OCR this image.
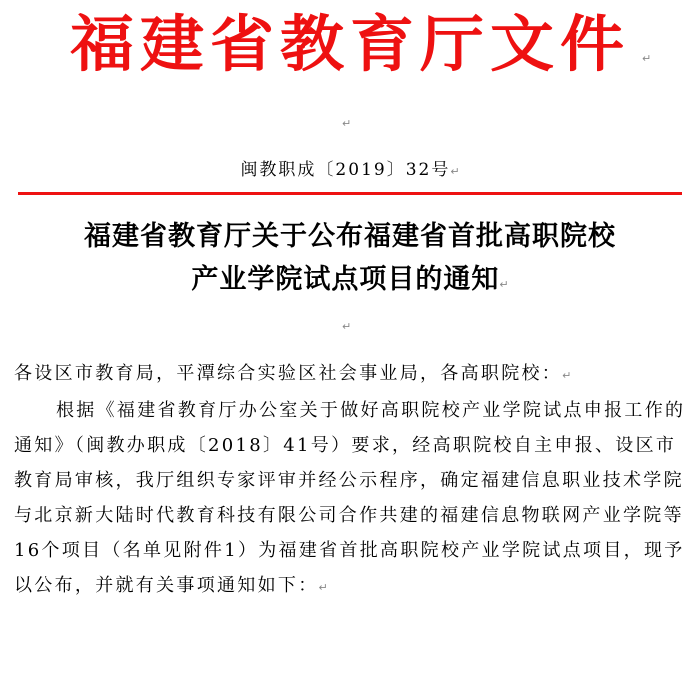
福建省教育厅文件 ↵
↵
闽教职成〔2019〕32号↵
福建省教育厅关于公布福建省首批高职院校
产业学院试点项目的通知↵
↵

各设区市教育局，平潭综合实验区社会事业局，各高职院校：↵

根据《福建省教育厅办公室关于做好高职院校产业学院试点申报工作的通知》（闽教办职成〔2018〕41号）要求，经高职院校自主申报、设区市教育局审核，我厅组织专家评审并经公示程序，确定福建信息职业技术学院与北京新大陆时代教育科技有限公司合作共建的福建信息物联网产业学院等16个项目（名单见附件1）为福建省首批高职院校产业学院试点项目，现予以公布，并就有关事项通知如下：↵
